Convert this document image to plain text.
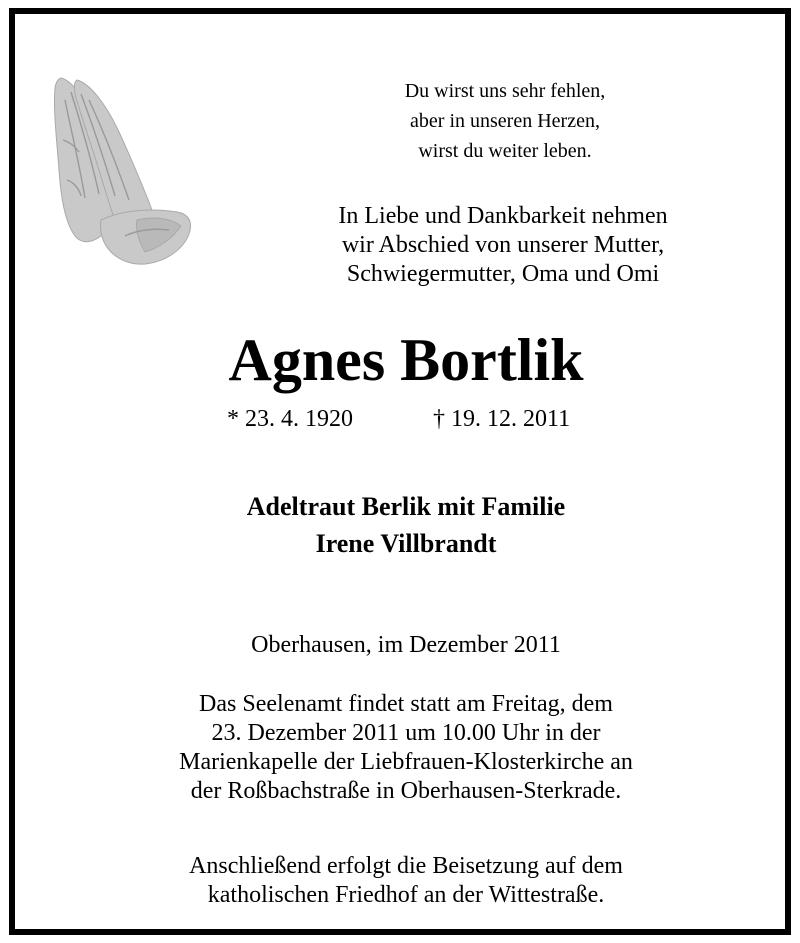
Du wirst uns sehr fehlen,
aber in unseren Herzen,
wirst du weiter leben.
In Liebe und Dankbarkeit nehmen
wir Abschied von unserer Mutter,
Schwiegermutter, Oma und Omi
Agnes Bortlik
* 23. 4. 1920	† 19. 12. 2011
Adeltraut Berlik mit Familie
Irene Villbrandt
Oberhausen, im Dezember 2011
Das Seelenamt findet statt am Freitag, dem
23. Dezember 2011 um 10.00 Uhr in der
Marienkapelle der Liebfrauen-Klosterkirche an
der Roßbachstraße in Oberhausen-Sterkrade.
Anschließend erfolgt die Beisetzung auf dem
katholischen Friedhof an der Wittestraße.
